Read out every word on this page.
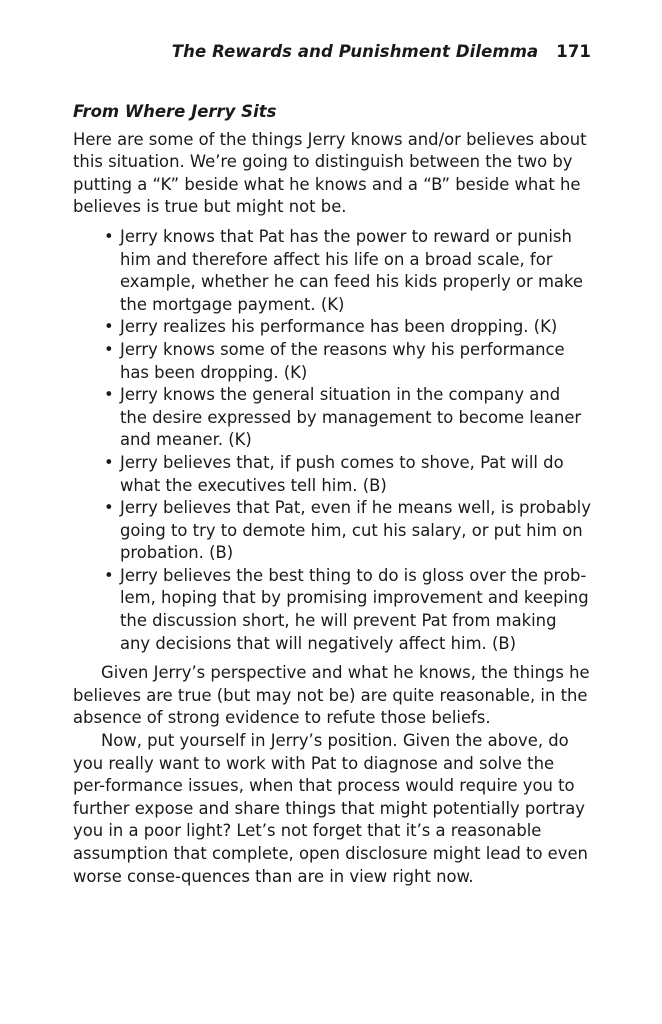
The Rewards and Punishment Dilemma 171
From Where Jerry Sits

Here are some of the things Jerry knows and/or believes about this situation. We’re going to distinguish between the two by putting a “K” beside what he knows and a “B” beside what he believes is true but might not be.

• Jerry knows that Pat has the power to reward or punish him and therefore affect his life on a broad scale, for example, whether he can feed his kids properly or make the mortgage payment. (K)
• Jerry realizes his performance has been dropping. (K)
• Jerry knows some of the reasons why his performance has been dropping. (K)
• Jerry knows the general situation in the company and the desire expressed by management to become leaner and meaner. (K)
• Jerry believes that, if push comes to shove, Pat will do what the executives tell him. (B)
• Jerry believes that Pat, even if he means well, is probably going to try to demote him, cut his salary, or put him on probation. (B)
• Jerry believes the best thing to do is gloss over the prob-lem, hoping that by promising improvement and keeping the discussion short, he will prevent Pat from making any decisions that will negatively affect him. (B)

Given Jerry’s perspective and what he knows, the things he believes are true (but may not be) are quite reasonable, in the absence of strong evidence to refute those beliefs.

Now, put yourself in Jerry’s position. Given the above, do you really want to work with Pat to diagnose and solve the per-formance issues, when that process would require you to further expose and share things that might potentially portray you in a poor light? Let’s not forget that it’s a reasonable assumption that complete, open disclosure might lead to even worse conse-quences than are in view right now.
